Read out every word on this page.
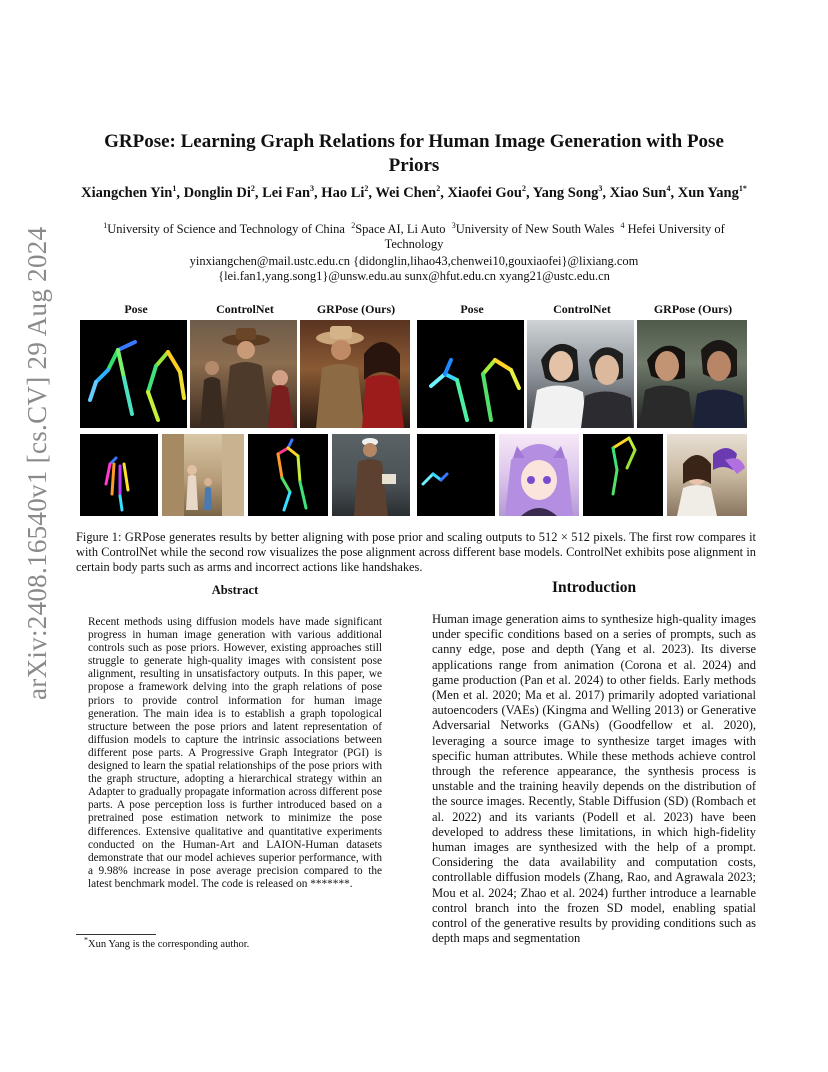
arXiv:2408.16540v1 [cs.CV] 29 Aug 2024
GRPose: Learning Graph Relations for Human Image Generation with Pose Priors
Xiangchen Yin$^1$, Donglin Di$^2$, Lei Fan$^3$, Hao Li$^2$, Wei Chen$^2$, Xiaofei Gou$^2$, Yang Song$^3$, Xiao Sun$^4$, Xun Yang$^{1*}$
$^1$University of Science and Technology of China $^2$Space AI, Li Auto $^3$University of New South Wales $^4$ Hefei University of Technology
yinxiangchen@mail.ustc.edu.cn {didonglin,lihao43,chenwei10,gouxiaofei}@lixiang.com
{lei.fan1,yang.song1}@unsw.edu.au sunx@hfut.edu.cn xyang21@ustc.edu.cn
Pose	ControlNet	GRPose (Ours)	Pose	ControlNet	GRPose (Ours)
Figure 1: GRPose generates results by better aligning with pose prior and scaling outputs to 512 × 512 pixels. The first row compares it with ControlNet while the second row visualizes the pose alignment across different base models. ControlNet exhibits pose alignment in certain body parts such as arms and incorrect actions like handshakes.
Abstract
Recent methods using diffusion models have made significant progress in human image generation with various additional controls such as pose priors. However, existing approaches still struggle to generate high-quality images with consistent pose alignment, resulting in unsatisfactory outputs. In this paper, we propose a framework delving into the graph relations of pose priors to provide control information for human image generation. The main idea is to establish a graph topological structure between the pose priors and latent representation of diffusion models to capture the intrinsic associations between different pose parts. A Progressive Graph Integrator (PGI) is designed to learn the spatial relationships of the pose priors with the graph structure, adopting a hierarchical strategy within an Adapter to gradually propagate information across different pose parts. A pose perception loss is further introduced based on a pretrained pose estimation network to minimize the pose differences. Extensive qualitative and quantitative experiments conducted on the Human-Art and LAION-Human datasets demonstrate that our model achieves superior performance, with a 9.98% increase in pose average precision compared to the latest benchmark model. The code is released on *******.
*Xun Yang is the corresponding author.
Introduction
Human image generation aims to synthesize high-quality images under specific conditions based on a series of prompts, such as canny edge, pose and depth (Yang et al. 2023). Its diverse applications range from animation (Corona et al. 2024) and game production (Pan et al. 2024) to other fields. Early methods (Men et al. 2020; Ma et al. 2017) primarily adopted variational autoencoders (VAEs) (Kingma and Welling 2013) or Generative Adversarial Networks (GANs) (Goodfellow et al. 2020), leveraging a source image to synthesize target images with specific human attributes. While these methods achieve control through the reference appearance, the synthesis process is unstable and the training heavily depends on the distribution of the source images. Recently, Stable Diffusion (SD) (Rombach et al. 2022) and its variants (Podell et al. 2023) have been developed to address these limitations, in which high-fidelity human images are synthesized with the help of a prompt. Considering the data availability and computation costs, controllable diffusion models (Zhang, Rao, and Agrawala 2023; Mou et al. 2024; Zhao et al. 2024) further introduce a learnable control branch into the frozen SD model, enabling spatial control of the generative results by providing conditions such as depth maps and segmentation
